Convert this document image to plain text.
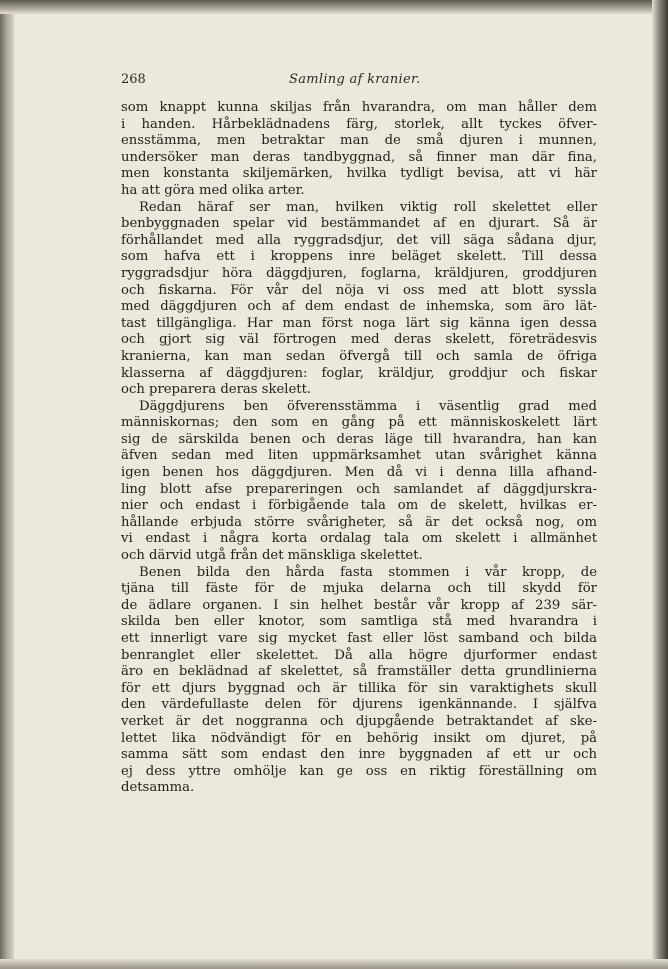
268	Samling af kranier.
som knappt kunna skiljas från hvarandra, om man håller dem
i handen. Hårbeklädnadens färg, storlek, allt tyckes öfver-
ensstämma, men betraktar man de små djuren i munnen,
undersöker man deras tandbyggnad, så finner man där fina,
men konstanta skiljemärken, hvilka tydligt bevisa, att vi här
ha att göra med olika arter.
Redan häraf ser man, hvilken viktig roll skelettet eller
benbyggnaden spelar vid bestämmandet af en djurart. Så är
förhållandet med alla ryggradsdjur, det vill säga sådana djur,
som hafva ett i kroppens inre beläget skelett. Till dessa
ryggradsdjur höra däggdjuren, foglarna, kräldjuren, groddjuren
och fiskarna. För vår del nöja vi oss med att blott syssla
med däggdjuren och af dem endast de inhemska, som äro lät-
tast tillgängliga. Har man först noga lärt sig känna igen dessa
och gjort sig väl förtrogen med deras skelett, företrädesvis
kranierna, kan man sedan öfvergå till och samla de öfriga
klasserna af däggdjuren: foglar, kräldjur, groddjur och fiskar
och preparera deras skelett.
Däggdjurens ben öfverensstämma i väsentlig grad med
människornas; den som en gång på ett människoskelett lärt
sig de särskilda benen och deras läge till hvarandra, han kan
äfven sedan med liten uppmärksamhet utan svårighet känna
igen benen hos däggdjuren. Men då vi i denna lilla afhand-
ling blott afse prepareringen och samlandet af däggdjurskra-
nier och endast i förbigående tala om de skelett, hvilkas er-
hållande erbjuda större svårigheter, så är det också nog, om
vi endast i några korta ordalag tala om skelett i allmänhet
och därvid utgå från det mänskliga skelettet.
Benen bilda den hårda fasta stommen i vår kropp, de
tjäna till fäste för de mjuka delarna och till skydd för
de ädlare organen. I sin helhet består vår kropp af 239 sär-
skilda ben eller knotor, som samtliga stå med hvarandra i
ett innerligt vare sig mycket fast eller löst samband och bilda
benranglet eller skelettet. Då alla högre djurformer endast
äro en beklädnad af skelettet, så framställer detta grundlinierna
för ett djurs byggnad och är tillika för sin varaktighets skull
den värdefullaste delen för djurens igenkännande. I själfva
verket är det noggranna och djupgående betraktandet af ske-
lettet lika nödvändigt för en behörig insikt om djuret, på
samma sätt som endast den inre byggnaden af ett ur och
ej dess yttre omhölje kan ge oss en riktig föreställning om
detsamma.
